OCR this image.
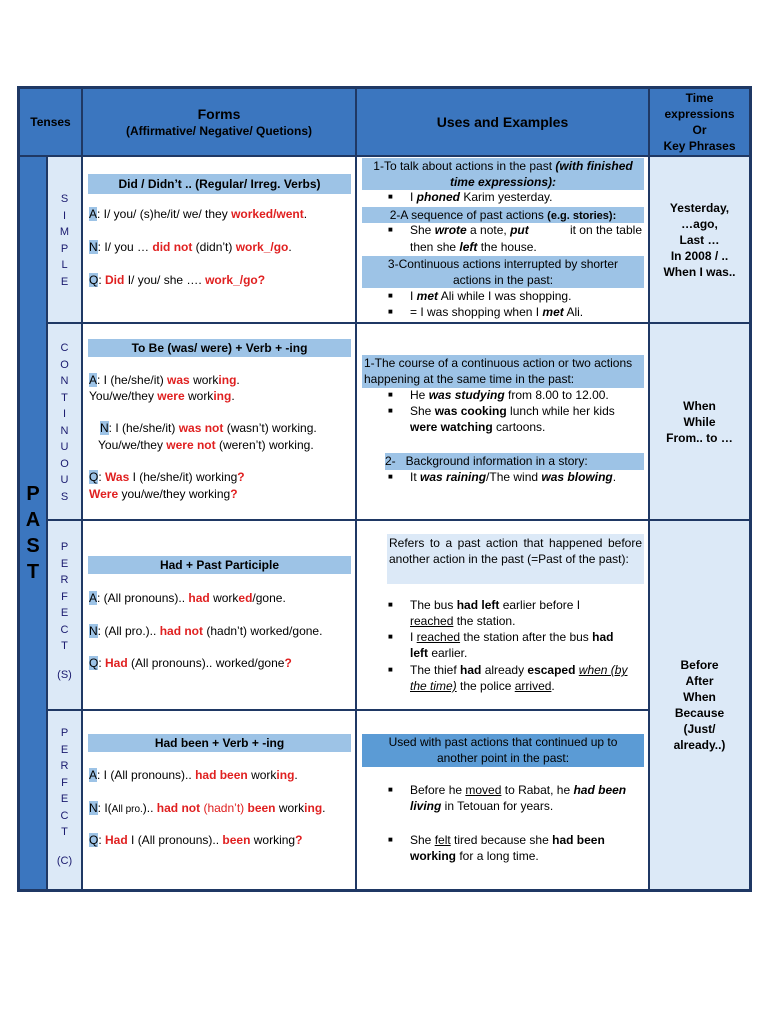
Tenses	Forms
(Affirmative/ Negative/ Quetions)
Uses and Examples
Time
expressions
Or
Key Phrases
P
A
S
T
S
I
M
P
L
E
C
O
N
T
I
N
U
O
U
S
P
E
R
F
E
C
T
(S)
P
E
R
F
E
C
T
(C)
Yesterday,
…ago,
Last …
In 2008 / ..
When I was..
When
While
From.. to …
Before
After
When
Because
(Just/
already..)
Did / Didn’t .. (Regular/ Irreg. Verbs)
A: I/ you/ (s)he/it/ we/ they worked/went.
N: I/ you … did not (didn’t) work_/go.
Q: Did I/ you/ she …. work_/go?
1-To talk about actions in the past (with finished time expressions):
■ I phoned Karim yesterday.
2-A sequence of past actions (e.g. stories):
■ She wrote a note, put	it on the table
then she left the house.
3-Continuous actions interrupted by shorter actions in the past:
■ I met Ali while I was shopping.
■ = I was shopping when I met Ali.
To Be (was/ were) + Verb + -ing
A: I (he/she/it) was working.
You/we/they were working.
N: I (he/she/it) was not (wasn’t) working.
You/we/they were not (weren’t) working.
Q: Was I (he/she/it) working?
Were you/we/they working?
1-The course of a continuous action or two actions happening at the same time in the past:
■ He was studying from 8.00 to 12.00.
■ She was cooking lunch while her kids
were watching cartoons.
2- Background information in a story:
■ It was raining/The wind was blowing.
Had + Past Participle
A: (All pronouns).. had worked/gone.
N: (All pro.).. had not (hadn’t) worked/gone.
Q: Had (All pronouns).. worked/gone?
Refers to a past action that happened before another action in the past (=Past of the past):
■ The bus had left earlier before I
reached the station.
■ I reached the station after the bus had
left earlier.
■ The thief had already escaped when (by
the time) the police arrived.
Had been + Verb + -ing
A: I (All pronouns).. had been working.
N: I(All pro.).. had not (hadn’t) been working.
Q: Had I (All pronouns).. been working?
Used with past actions that continued up to another point in the past:
■ Before he moved to Rabat, he had been
living in Tetouan for years.
■ She felt tired because she had been
working for a long time.
